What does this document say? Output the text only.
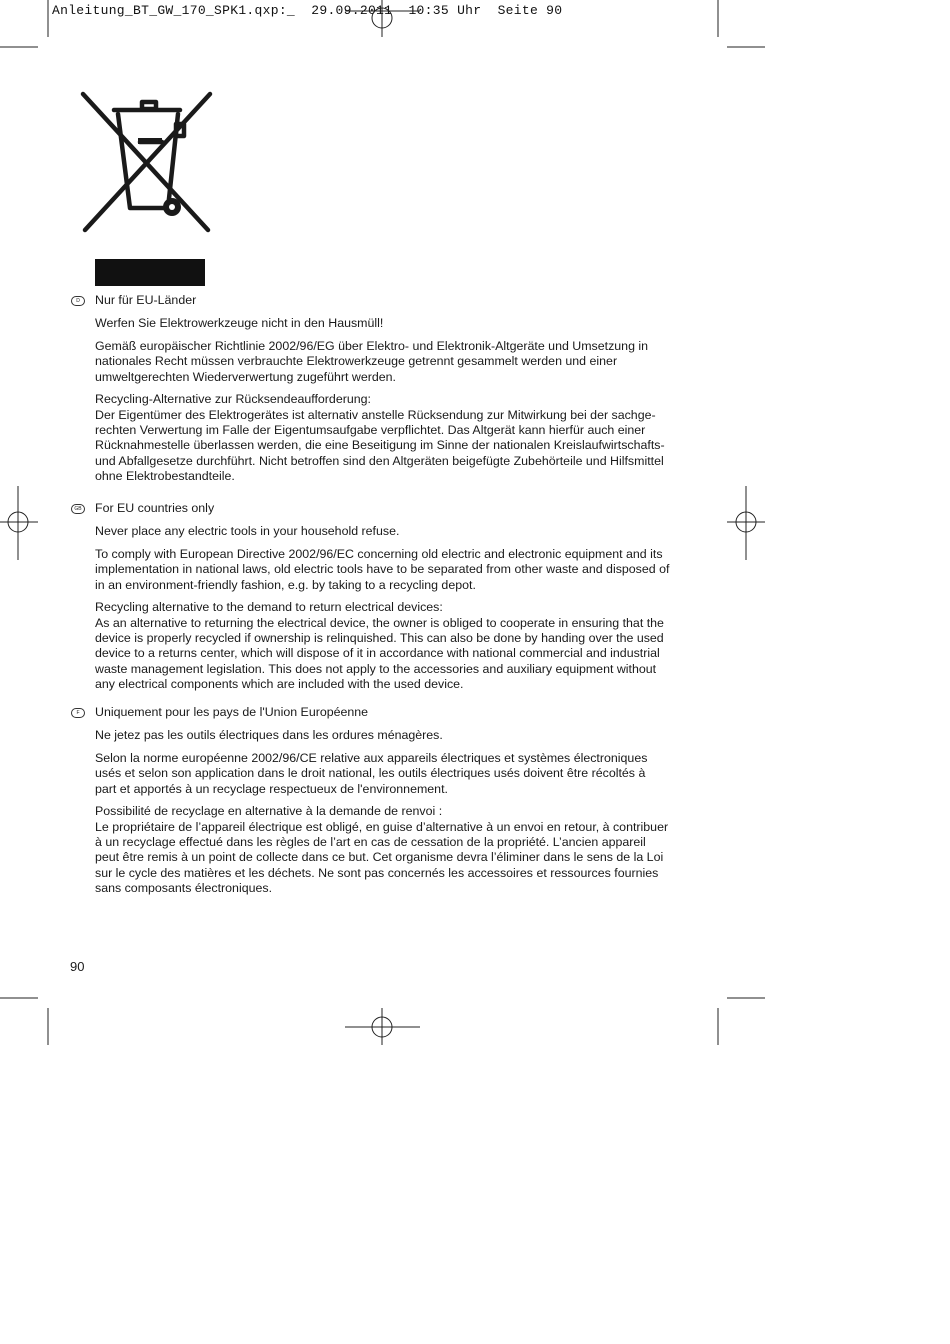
Anleitung_BT_GW_170_SPK1.qxp:_  29.09.2011  10:35 Uhr  Seite 90
D	Nur für EU-Länder

Werfen Sie Elektrowerkzeuge nicht in den Hausmüll!

Gemäß europäischer Richtlinie 2002/96/EG über Elektro- und Elektronik-Altgeräte und Umsetzung in
nationales Recht müssen verbrauchte Elektrowerkzeuge getrennt gesammelt werden und einer
umweltgerechten Wiederverwertung zugeführt werden.

Recycling-Alternative zur Rücksendeaufforderung:
Der Eigentümer des Elektrogerätes ist alternativ anstelle Rücksendung zur Mitwirkung bei der sachge-
rechten Verwertung im Falle der Eigentumsaufgabe verpflichtet. Das Altgerät kann hierfür auch einer
Rücknahmestelle überlassen werden, die eine Beseitigung im Sinne der nationalen Kreislaufwirtschafts-
und Abfallgesetze durchführt. Nicht betroffen sind den Altgeräten beigefügte Zubehörteile und Hilfsmittel
ohne Elektrobestandteile.

GB For EU countries only

Never place any electric tools in your household refuse.

To comply with European Directive 2002/96/EC concerning old electric and electronic equipment and its
implementation in national laws, old electric tools have to be separated from other waste and disposed of
in an environment-friendly fashion, e.g. by taking to a recycling depot.

Recycling alternative to the demand to return electrical devices:
As an alternative to returning the electrical device, the owner is obliged to cooperate in ensuring that the
device is properly recycled if ownership is relinquished. This can also be done by handing over the used
device to a returns center, which will dispose of it in accordance with national commercial and industrial
waste management legislation. This does not apply to the accessories and auxiliary equipment without
any electrical components which are included with the used device.

F	Uniquement pour les pays de l'Union Européenne

Ne jetez pas les outils électriques dans les ordures ménagères.

Selon la norme européenne 2002/96/CE relative aux appareils électriques et systèmes électroniques
usés et selon son application dans le droit national, les outils électriques usés doivent être récoltés à
part et apportés à un recyclage respectueux de l'environnement.

Possibilité de recyclage en alternative à la demande de renvoi :
Le propriétaire de l’appareil électrique est obligé, en guise d’alternative à un envoi en retour, à contribuer
à un recyclage effectué dans les règles de l’art en cas de cessation de la propriété. L’ancien appareil
peut être remis à un point de collecte dans ce but. Cet organisme devra l’éliminer dans le sens de la Loi
sur le cycle des matières et les déchets. Ne sont pas concernés les accessoires et ressources fournies
sans composants électroniques.

90
